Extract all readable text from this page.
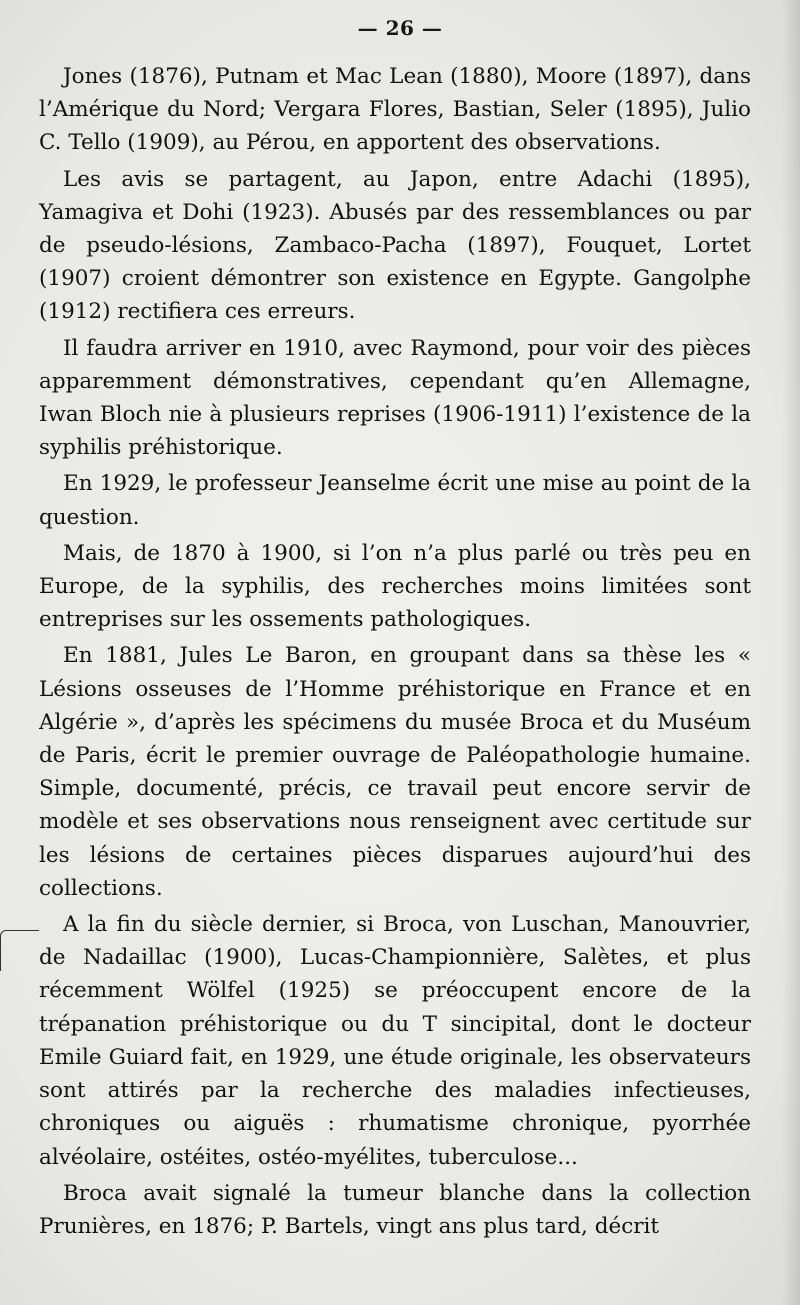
— 26 —

Jones (1876), Putnam et Mac Lean (1880), Moore (1897), dans l’Amérique du Nord; Vergara Flores, Bastian, Seler (1895), Julio C. Tello (1909), au Pérou, en apportent des observations.

Les avis se partagent, au Japon, entre Adachi (1895), Yamagiva et Dohi (1923). Abusés par des ressemblances ou par de pseudo-lésions, Zambaco-Pacha (1897), Fouquet, Lortet (1907) croient démontrer son existence en Egypte. Gangolphe (1912) rectifiera ces erreurs.

Il faudra arriver en 1910, avec Raymond, pour voir des pièces apparemment démonstratives, cependant qu’en Allemagne, Iwan Bloch nie à plusieurs reprises (1906-1911) l’existence de la syphilis préhistorique.

En 1929, le professeur Jeanselme écrit une mise au point de la question.

Mais, de 1870 à 1900, si l’on n’a plus parlé ou très peu en Europe, de la syphilis, des recherches moins limitées sont entreprises sur les ossements pathologiques.

En 1881, Jules Le Baron, en groupant dans sa thèse les « Lésions osseuses de l’Homme préhistorique en France et en Algérie », d’après les spécimens du musée Broca et du Muséum de Paris, écrit le premier ouvrage de Paléopathologie humaine. Simple, documenté, précis, ce travail peut encore servir de modèle et ses observations nous renseignent avec certitude sur les lésions de certaines pièces disparues aujourd’hui des collections.

A la fin du siècle dernier, si Broca, von Luschan, Manouvrier, de Nadaillac (1900), Lucas-Championnière, Salètes, et plus récemment Wölfel (1925) se préoccupent encore de la trépanation préhistorique ou du T sincipital, dont le docteur Emile Guiard fait, en 1929, une étude originale, les observateurs sont attirés par la recherche des maladies infectieuses, chroniques ou aiguës : rhumatisme chronique, pyorrhée alvéolaire, ostéites, ostéo-myélites, tuberculose...

Broca avait signalé la tumeur blanche dans la collection Prunières, en 1876; P. Bartels, vingt ans plus tard, décrit
